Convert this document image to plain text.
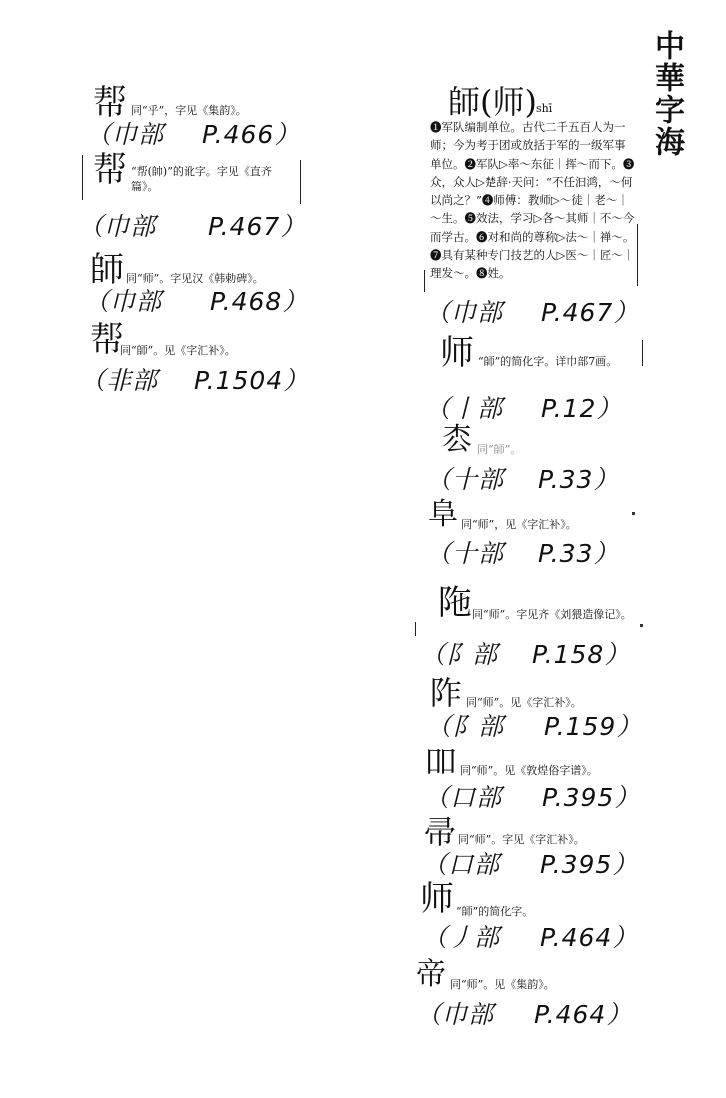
中華字海
帮 同“乎”，字见《集韵》。
（巾部 P.466）
帮 “帮(帥)”的讹字。字见《直齐篇》。
（巾部 P.467）
師 同“师”。字见汉《韩勅碑》。
（巾部 P.468）
帮
同“師”。见《字汇补》。
（非部 P.1504）
師(师) shī
❶军队编制单位。古代二千五百人为一师；今为考于团或放括于军的一级军事单位。❷军队▷率～东征｜挥～而下。❸众，众人▷楚辞·天问：“不任汩鸿，～何以尚之？”❹师傅：教师▷～徒｜老～｜～生。❺效法，学习▷各～其师｜不～今而学古。❻对和尚的尊称▷法～｜禅～。❼具有某种专门技艺的人▷医～｜匠～｜理发～。❽姓。
（巾部 P.467）
师 “師”的简化字。详巾部7画。
（丨部 P.12）
枩 同“師”。
（十部 P.33）
阜 同“师”，见《字汇补》。
（十部 P.33）
陁 同“师”。字见齐《刘猥造像记》。
（阝部 P.158）
阼 同“师”。见《字汇补》。
（阝部 P.159）
吅 同“师”。见《敦煌俗字谱》。
（口部 P.395）
帚 同“师”。字见《字汇补》。
（口部 P.395）
师 “師”的简化字。
（丿部 P.464）
帝 同“师”。见《集韵》。
（巾部 P.464）
